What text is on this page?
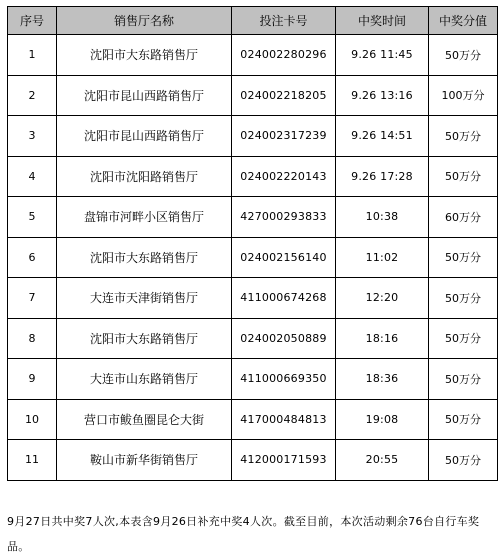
序号	销售厅名称	投注卡号	中奖时间	中奖分值
1	沈阳市大东路销售厅	024002280296	9.26 11:45	50万分
2	沈阳市昆山西路销售厅	024002218205	9.26 13:16	100万分
3	沈阳市昆山西路销售厅	024002317239	9.26 14:51	50万分
4	沈阳市沈阳路销售厅	024002220143	9.26 17:28	50万分
5	盘锦市河畔小区销售厅	427000293833	10:38	60万分
6	沈阳市大东路销售厅	024002156140	11:02	50万分
7	大连市天津街销售厅	411000674268	12:20	50万分
8	沈阳市大东路销售厅	024002050889	18:16	50万分
9	大连市山东路销售厅	411000669350	18:36	50万分
10	营口市鲅鱼圈昆仑大街	417000484813	19:08	50万分
11	鞍山市新华街销售厅	412000171593	20:55	50万分

9月27日共中奖7人次,本表含9月26日补充中奖4人次。截至目前，本次活动剩余76台自行车奖品。
